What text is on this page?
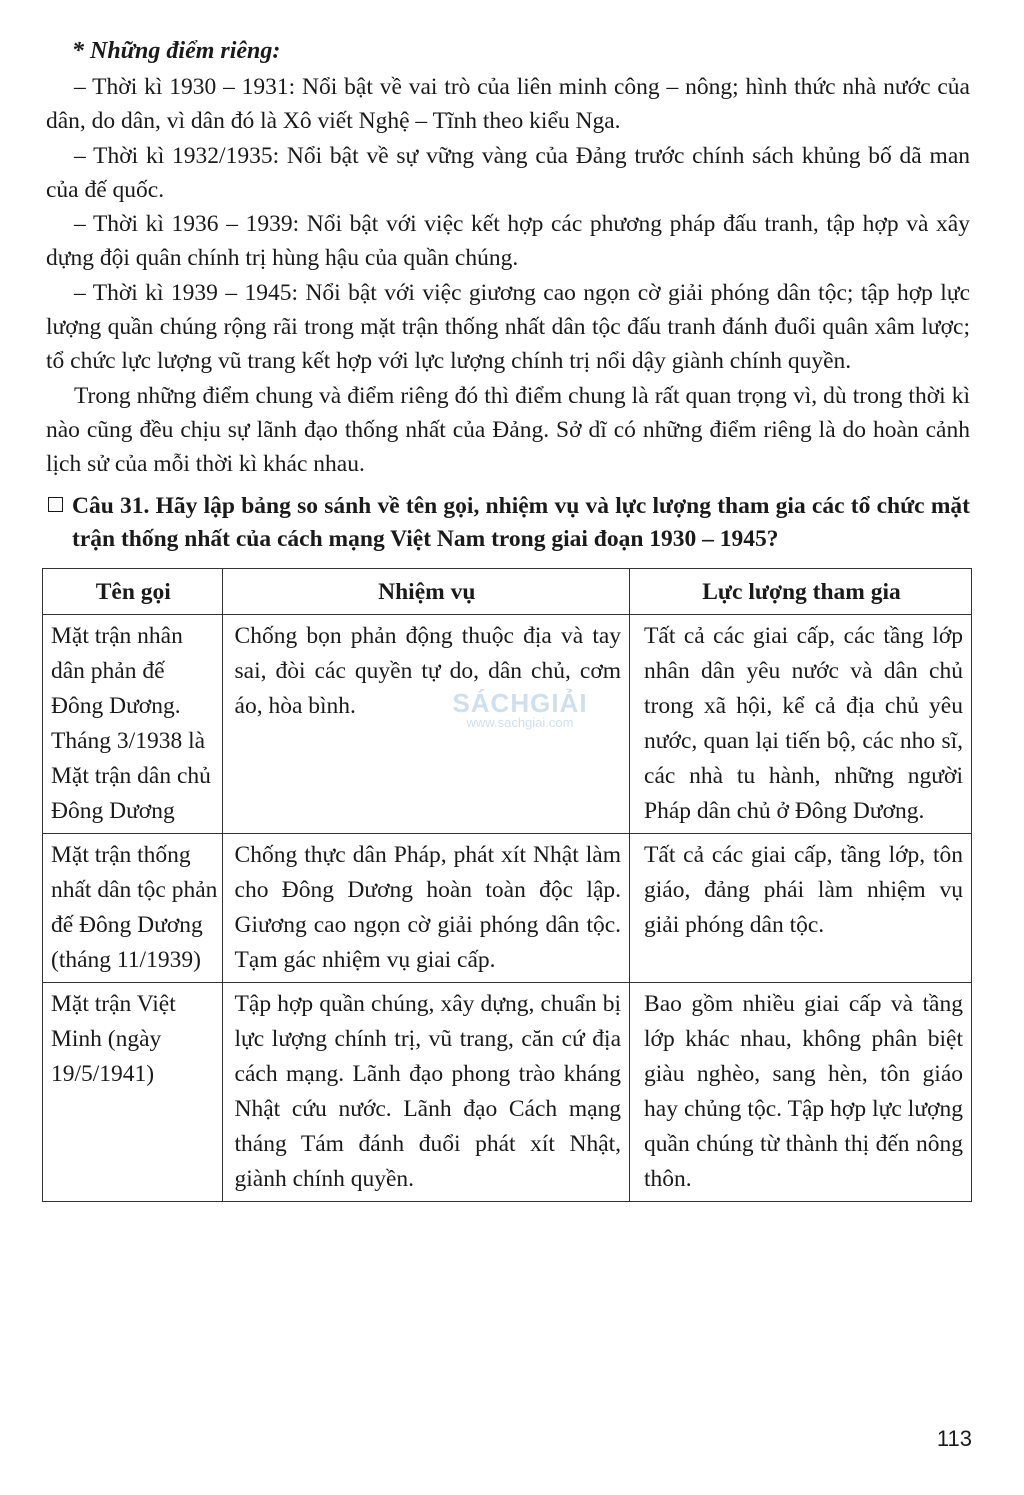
* Những điểm riêng:

– Thời kì 1930 – 1931: Nổi bật về vai trò của liên minh công – nông; hình thức nhà nước của dân, do dân, vì dân đó là Xô viết Nghệ – Tĩnh theo kiểu Nga.

– Thời kì 1932/1935: Nổi bật về sự vững vàng của Đảng trước chính sách khủng bố dã man của đế quốc.

– Thời kì 1936 – 1939: Nổi bật với việc kết hợp các phương pháp đấu tranh, tập hợp và xây dựng đội quân chính trị hùng hậu của quần chúng.

– Thời kì 1939 – 1945: Nổi bật với việc giương cao ngọn cờ giải phóng dân tộc; tập hợp lực lượng quần chúng rộng rãi trong mặt trận thống nhất dân tộc đấu tranh đánh đuổi quân xâm lược; tổ chức lực lượng vũ trang kết hợp với lực lượng chính trị nổi dậy giành chính quyền.

Trong những điểm chung và điểm riêng đó thì điểm chung là rất quan trọng vì, dù trong thời kì nào cũng đều chịu sự lãnh đạo thống nhất của Đảng. Sở dĩ có những điểm riêng là do hoàn cảnh lịch sử của mỗi thời kì khác nhau.

Câu 31. Hãy lập bảng so sánh về tên gọi, nhiệm vụ và lực lượng tham gia các tổ chức mặt trận thống nhất của cách mạng Việt Nam trong giai đoạn 1930 – 1945?
Tên gọi	Nhiệm vụ	Lực lượng tham gia

Mặt trận nhân dân phản đế Đông Dương.
Tháng 3/1938 là Mặt trận dân chủ Đông Dương	Chống bọn phản động thuộc địa và tay sai, đòi các quyền tự do, dân chủ, cơm áo, hòa bình.	Tất cả các giai cấp, các tầng lớp nhân dân yêu nước và dân chủ trong xã hội, kể cả địa chủ yêu nước, quan lại tiến bộ, các nho sĩ, các nhà tu hành, những người Pháp dân chủ ở Đông Dương.

Mặt trận thống nhất dân tộc phản đế Đông Dương (tháng 11/1939)	Chống thực dân Pháp, phát xít Nhật làm cho Đông Dương hoàn toàn độc lập. Giương cao ngọn cờ giải phóng dân tộc. Tạm gác nhiệm vụ giai cấp.	Tất cả các giai cấp, tầng lớp, tôn giáo, đảng phái làm nhiệm vụ giải phóng dân tộc.

Mặt trận Việt Minh (ngày 19/5/1941)	Tập hợp quần chúng, xây dựng, chuẩn bị lực lượng chính trị, vũ trang, căn cứ địa cách mạng. Lãnh đạo phong trào kháng Nhật cứu nước. Lãnh đạo Cách mạng tháng Tám đánh đuổi phát xít Nhật, giành chính quyền.	Bao gồm nhiều giai cấp và tầng lớp khác nhau, không phân biệt giàu nghèo, sang hèn, tôn giáo hay chủng tộc. Tập hợp lực lượng quần chúng từ thành thị đến nông thôn.
SÁCHGIẢI
www.sachgiai.com
113
